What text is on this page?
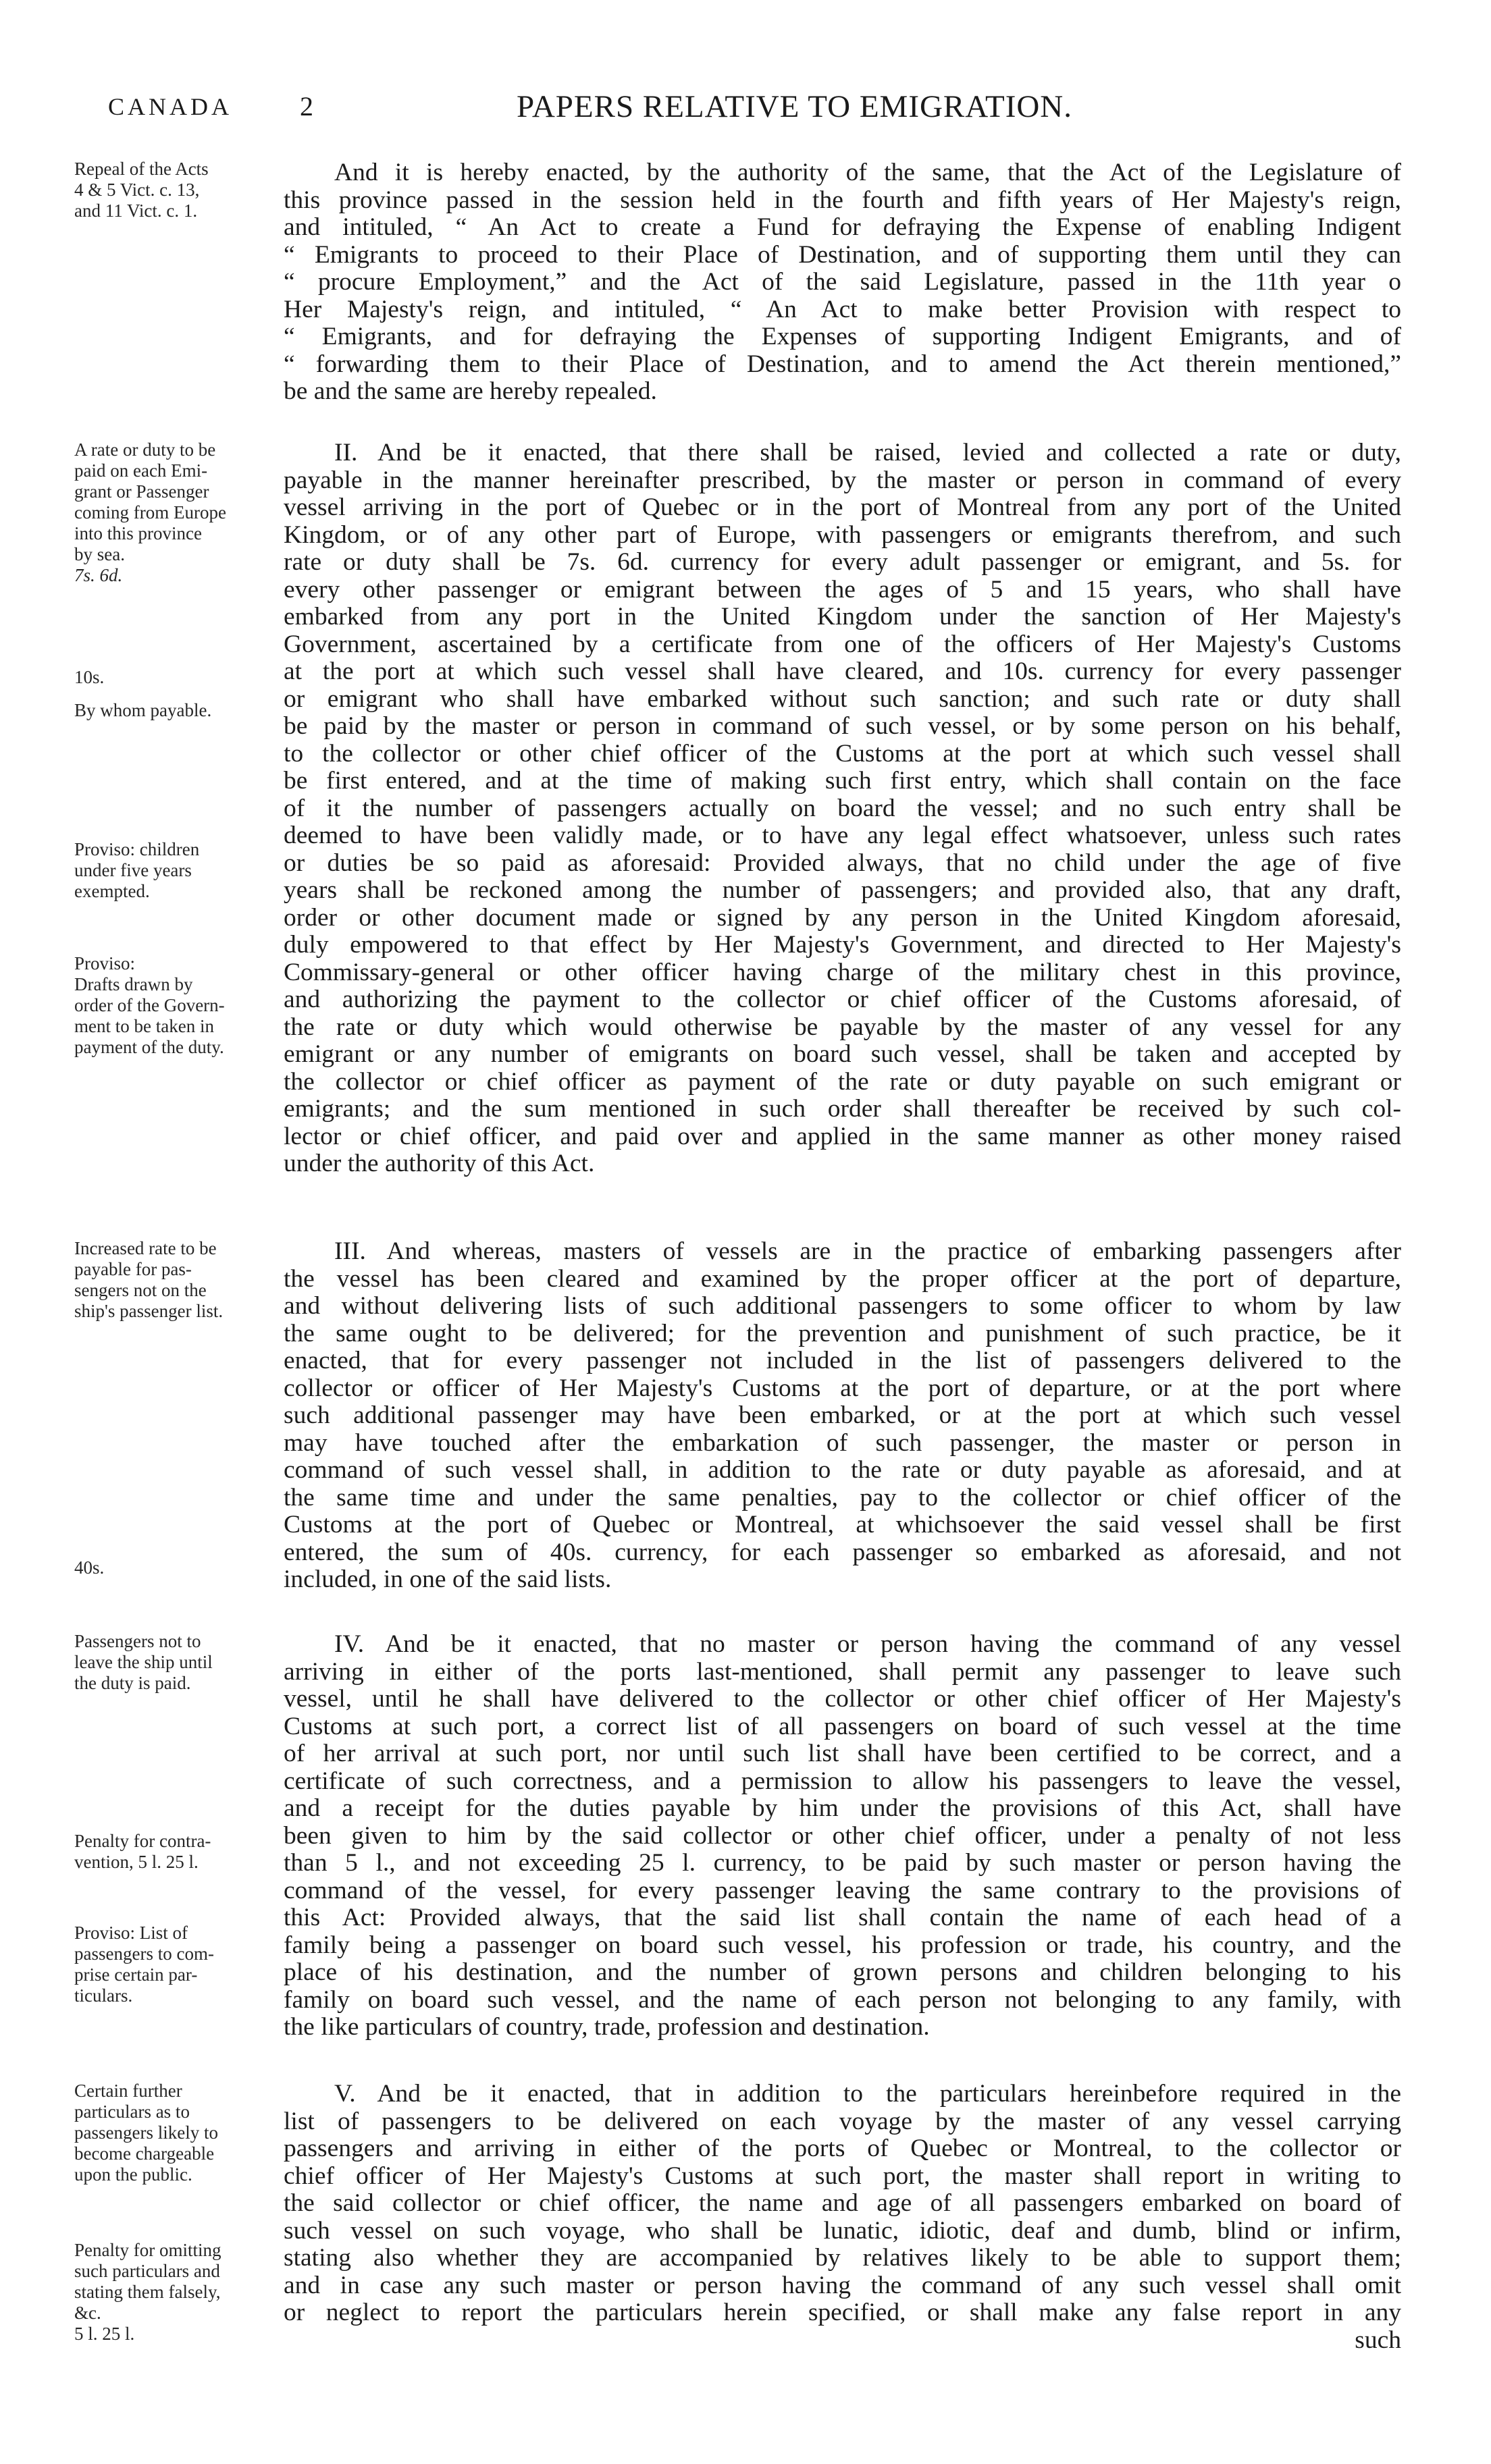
CANADA 2	PAPERS RELATIVE TO EMIGRATION.
Repeal of the Acts
4 & 5 Vict. c. 13,
and 11 Vict. c. 1.
A rate or duty to be
paid on each Emi-
grant or Passenger
coming from Europe
into this province
by sea.
7s. 6d.
10s.
By whom payable.
Proviso: children
under five years
exempted.
Proviso:
Drafts drawn by
order of the Govern-
ment to be taken in
payment of the duty.
Increased rate to be
payable for pas-
sengers not on the
ship's passenger list.
40s.
Passengers not to
leave the ship until
the duty is paid.
Penalty for contra-
vention, 5 l. 25 l.
Proviso: List of
passengers to com-
prise certain par-
ticulars.
Certain further
particulars as to
passengers likely to
become chargeable
upon the public.
Penalty for omitting
such particulars and
stating them falsely,
&c.
5 l. 25 l.
And it is hereby enacted, by the authority of the same, that the Act of the Legislature of
this province passed in the session held in the fourth and fifth years of Her Majesty's reign,
and intituled, “ An Act to create a Fund for defraying the Expense of enabling Indigent
“ Emigrants to proceed to their Place of Destination, and of supporting them until they can
“ procure Employment,” and the Act of the said Legislature, passed in the 11th year o
Her Majesty's reign, and intituled, “ An Act to make better Provision with respect to
“ Emigrants, and for defraying the Expenses of supporting Indigent Emigrants, and of
“ forwarding them to their Place of Destination, and to amend the Act therein mentioned,”
be and the same are hereby repealed.
II. And be it enacted, that there shall be raised, levied and collected a rate or duty,
payable in the manner hereinafter prescribed, by the master or person in command of every
vessel arriving in the port of Quebec or in the port of Montreal from any port of the United
Kingdom, or of any other part of Europe, with passengers or emigrants therefrom, and such
rate or duty shall be 7s. 6d. currency for every adult passenger or emigrant, and 5s. for
every other passenger or emigrant between the ages of 5 and 15 years, who shall have
embarked from any port in the United Kingdom under the sanction of Her Majesty's
Government, ascertained by a certificate from one of the officers of Her Majesty's Customs
at the port at which such vessel shall have cleared, and 10s. currency for every passenger
or emigrant who shall have embarked without such sanction; and such rate or duty shall
be paid by the master or person in command of such vessel, or by some person on his behalf,
to the collector or other chief officer of the Customs at the port at which such vessel shall
be first entered, and at the time of making such first entry, which shall contain on the face
of it the number of passengers actually on board the vessel; and no such entry shall be
deemed to have been validly made, or to have any legal effect whatsoever, unless such rates
or duties be so paid as aforesaid: Provided always, that no child under the age of five
years shall be reckoned among the number of passengers; and provided also, that any draft,
order or other document made or signed by any person in the United Kingdom aforesaid,
duly empowered to that effect by Her Majesty's Government, and directed to Her Majesty's
Commissary-general or other officer having charge of the military chest in this province,
and authorizing the payment to the collector or chief officer of the Customs aforesaid, of
the rate or duty which would otherwise be payable by the master of any vessel for any
emigrant or any number of emigrants on board such vessel, shall be taken and accepted by
the collector or chief officer as payment of the rate or duty payable on such emigrant or
emigrants; and the sum mentioned in such order shall thereafter be received by such col-
lector or chief officer, and paid over and applied in the same manner as other money raised
under the authority of this Act.
III. And whereas, masters of vessels are in the practice of embarking passengers after
the vessel has been cleared and examined by the proper officer at the port of departure,
and without delivering lists of such additional passengers to some officer to whom by law
the same ought to be delivered; for the prevention and punishment of such practice, be it
enacted, that for every passenger not included in the list of passengers delivered to the
collector or officer of Her Majesty's Customs at the port of departure, or at the port where
such additional passenger may have been embarked, or at the port at which such vessel
may have touched after the embarkation of such passenger, the master or person in
command of such vessel shall, in addition to the rate or duty payable as aforesaid, and at
the same time and under the same penalties, pay to the collector or chief officer of the
Customs at the port of Quebec or Montreal, at whichsoever the said vessel shall be first
entered, the sum of 40s. currency, for each passenger so embarked as aforesaid, and not
included, in one of the said lists.
IV. And be it enacted, that no master or person having the command of any vessel
arriving in either of the ports last-mentioned, shall permit any passenger to leave such
vessel, until he shall have delivered to the collector or other chief officer of Her Majesty's
Customs at such port, a correct list of all passengers on board of such vessel at the time
of her arrival at such port, nor until such list shall have been certified to be correct, and a
certificate of such correctness, and a permission to allow his passengers to leave the vessel,
and a receipt for the duties payable by him under the provisions of this Act, shall have
been given to him by the said collector or other chief officer, under a penalty of not less
than 5 l., and not exceeding 25 l. currency, to be paid by such master or person having the
command of the vessel, for every passenger leaving the same contrary to the provisions of
this Act: Provided always, that the said list shall contain the name of each head of a
family being a passenger on board such vessel, his profession or trade, his country, and the
place of his destination, and the number of grown persons and children belonging to his
family on board such vessel, and the name of each person not belonging to any family, with
the like particulars of country, trade, profession and destination.
V. And be it enacted, that in addition to the particulars hereinbefore required in the
list of passengers to be delivered on each voyage by the master of any vessel carrying
passengers and arriving in either of the ports of Quebec or Montreal, to the collector or
chief officer of Her Majesty's Customs at such port, the master shall report in writing to
the said collector or chief officer, the name and age of all passengers embarked on board of
such vessel on such voyage, who shall be lunatic, idiotic, deaf and dumb, blind or infirm,
stating also whether they are accompanied by relatives likely to be able to support them;
and in case any such master or person having the command of any such vessel shall omit
or neglect to report the particulars herein specified, or shall make any false report in any
such
